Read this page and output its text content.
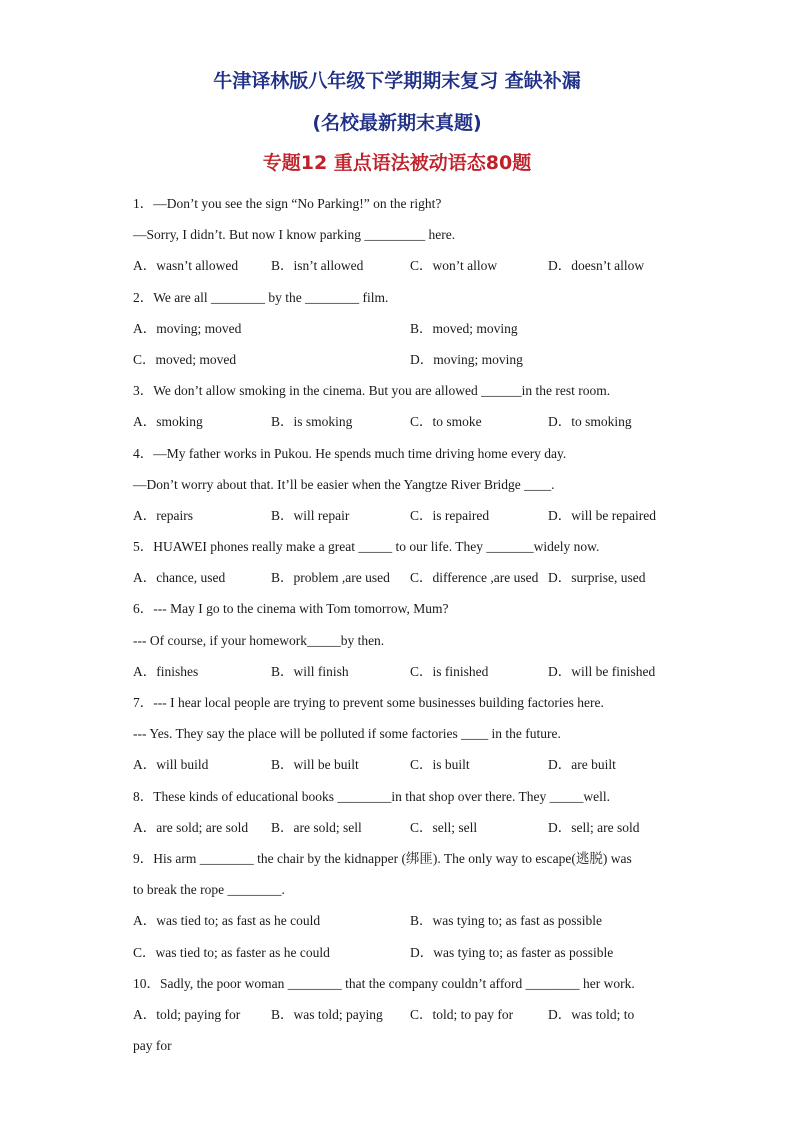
牛津译林版八年级下学期期末复习 查缺补漏
(名校最新期末真题)
专题12 重点语法被动语态80题
1．—Don’t you see the sign “No Parking!” on the right?
—Sorry, I didn’t. But now I know parking _________ here.
A．wasn’t allowed B．isn’t allowed	C．won’t allow	D．doesn’t allow
2．We are all ________ by the ________ film.
A．moving; moved	B．moved; moving
C．moved; moved	D．moving; moving
3．We don’t allow smoking in the cinema. But you are allowed ______in the rest room.
A．smoking	B．is smoking	C．to smoke	D．to smoking
4．—My father works in Pukou. He spends much time driving home every day.
—Don’t worry about that. It’ll be easier when the Yangtze River Bridge ____.
A．repairs	B．will repair	C．is repaired	D．will be repaired
5．HUAWEI phones really make a great _____ to our life. They _______widely now.
A．chance, used	B．problem ,are used C．difference ,are used D．surprise, used
6．--- May I go to the cinema with Tom tomorrow, Mum?
--- Of course, if your homework_____by then.
A．finishes	B．will finish	C．is finished	D．will be finished
7．--- I hear local people are trying to prevent some businesses building factories here.
--- Yes. They say the place will be polluted if some factories ____ in the future.
A．will build	B．will be built	C．is built	D．are built
8．These kinds of educational books ________in that shop over there. They _____well.
A．are sold; are sold B．are sold; sell	C．sell; sell	D．sell; are sold
9．His arm ________ the chair by the kidnapper (绑匪). The only way to escape(逃脱) was
to break the rope ________.
A．was tied to; as fast as he could	B．was tying to; as fast as possible
C．was tied to; as faster as he could	D．was tying to; as faster as possible
10．Sadly, the poor woman ________ that the company couldn’t afford ________ her work.
A．told; paying for B．was told; paying C．told; to pay for	D．was told; to
pay for
